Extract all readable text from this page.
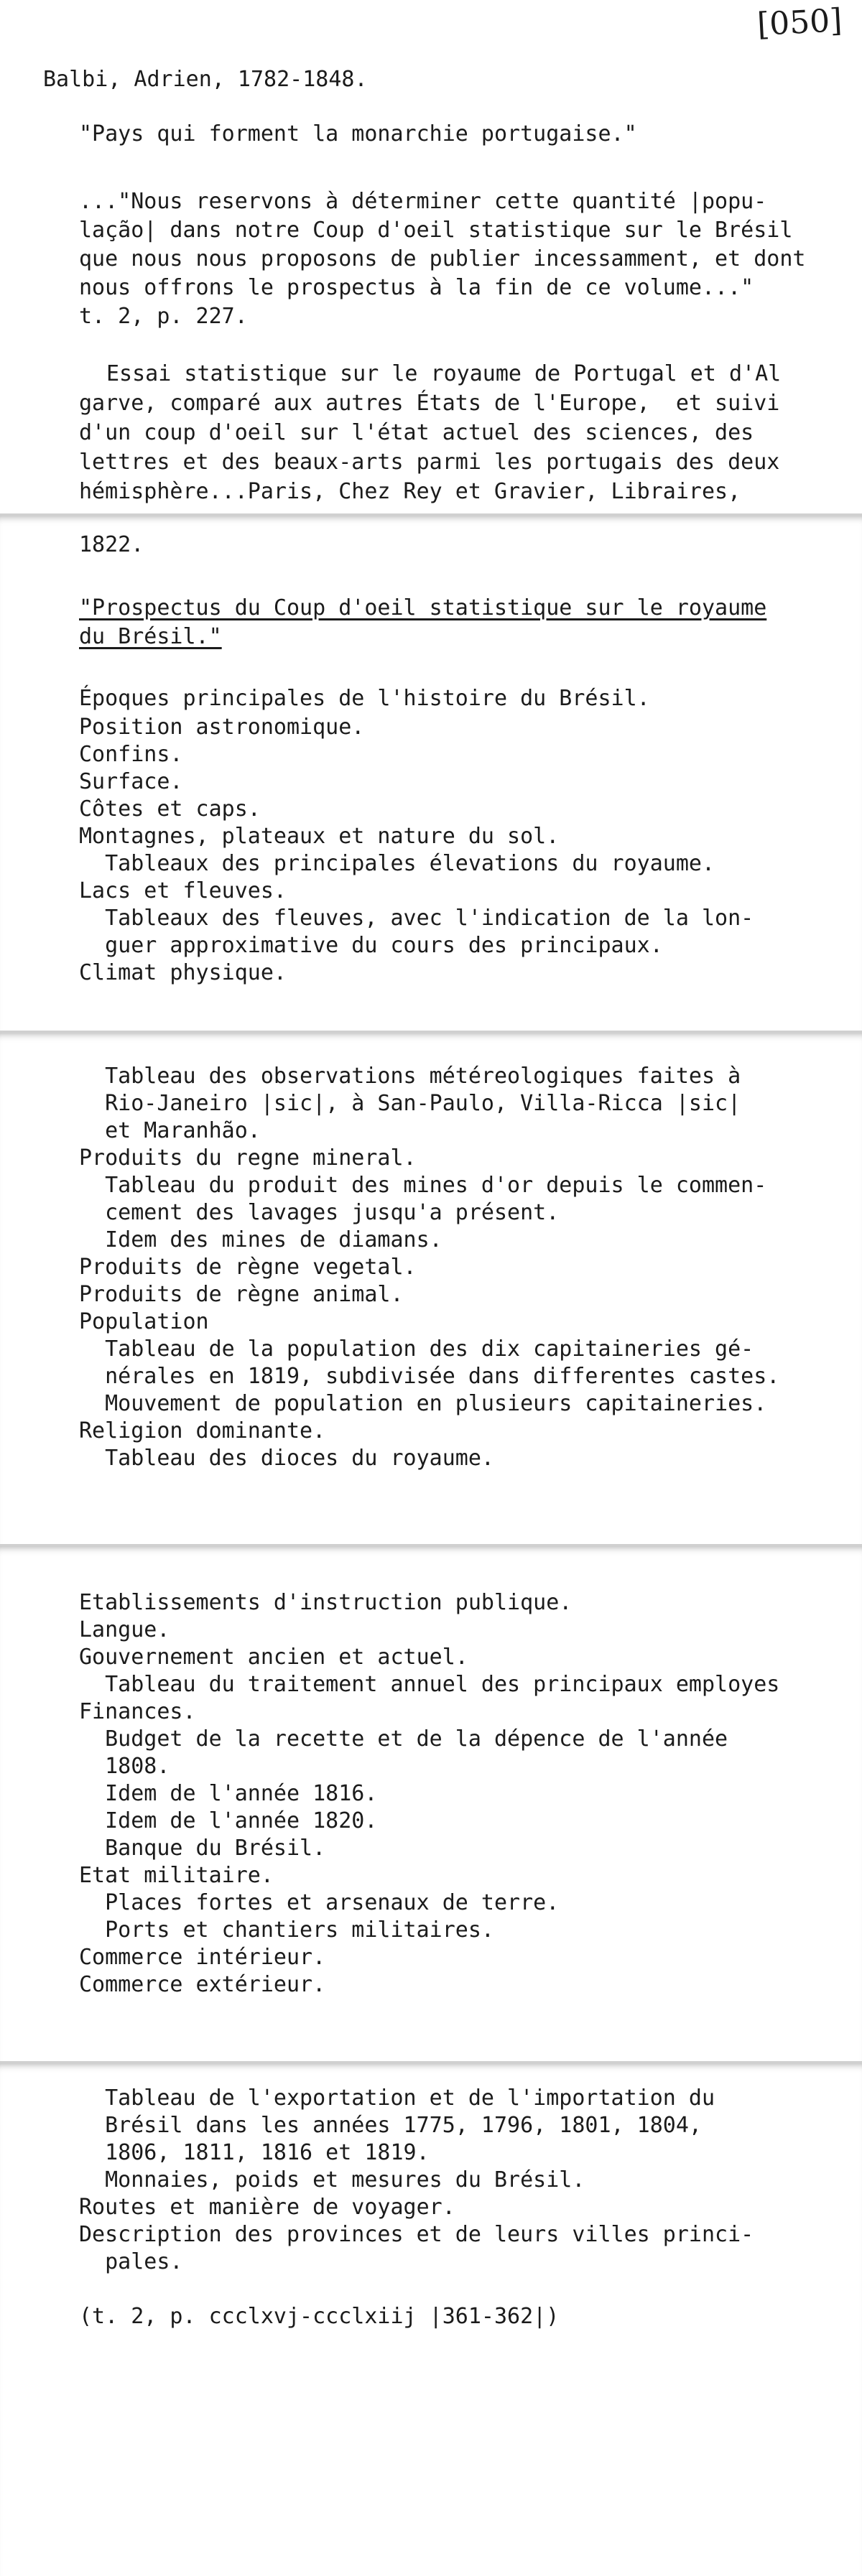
[050]
Balbi, Adrien, 1782-1848.
"Pays qui forment la monarchie portugaise."
..."Nous reservons à déterminer cette quantité |popu-
lação| dans notre Coup d'oeil statistique sur le Brésil
que nous nous proposons de publier incessamment, et dont
nous offrons le prospectus à la fin de ce volume..."
t. 2, p. 227.
Essai statistique sur le royaume de Portugal et d'Al
garve, comparé aux autres États de l'Europe,  et suivi
d'un coup d'oeil sur l'état actuel des sciences, des
lettres et des beaux-arts parmi les portugais des deux
hémisphère...Paris, Chez Rey et Gravier, Libraires,
1822.
"Prospectus du Coup d'oeil statistique sur le royaume
du Brésil."
Époques principales de l'histoire du Brésil.
Position astronomique.
Confins.
Surface.
Côtes et caps.
Montagnes, plateaux et nature du sol.
Tableaux des principales élevations du royaume.
Lacs et fleuves.
Tableaux des fleuves, avec l'indication de la lon-
guer approximative du cours des principaux.
Climat physique.
Tableau des observations météreologiques faites à
Rio-Janeiro |sic|, à San-Paulo, Villa-Ricca |sic|
et Maranhão.
Produits du regne mineral.
Tableau du produit des mines d'or depuis le commen-
cement des lavages jusqu'a présent.
Idem des mines de diamans.
Produits de règne vegetal.
Produits de règne animal.
Population
Tableau de la population des dix capitaineries gé-
nérales en 1819, subdivisée dans differentes castes.
Mouvement de population en plusieurs capitaineries.
Religion dominante.
Tableau des dioces du royaume.
Etablissements d'instruction publique.
Langue.
Gouvernement ancien et actuel.
Tableau du traitement annuel des principaux employes
Finances.
Budget de la recette et de la dépence de l'année
1808.
Idem de l'année 1816.
Idem de l'année 1820.
Banque du Brésil.
Etat militaire.
Places fortes et arsenaux de terre.
Ports et chantiers militaires.
Commerce intérieur.
Commerce extérieur.
Tableau de l'exportation et de l'importation du
Brésil dans les années 1775, 1796, 1801, 1804,
1806, 1811, 1816 et 1819.
Monnaies, poids et mesures du Brésil.
Routes et manière de voyager.
Description des provinces et de leurs villes princi-
pales.
(t. 2, p. ccclxvj-ccclxiij |361-362|)
